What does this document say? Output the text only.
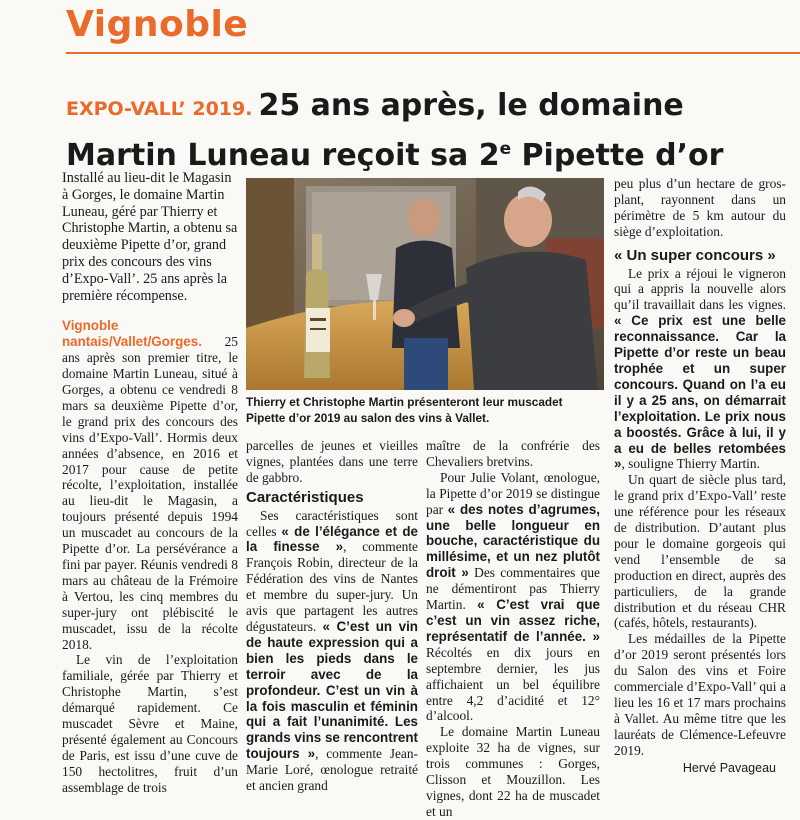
Vignoble
EXPO-VALL’ 2019. 25 ans après, le domaine
Martin Luneau reçoit sa 2e Pipette d’or

Installé au lieu-dit le Magasin à Gorges, le domaine Martin Luneau, géré par Thierry et Christophe Martin, a obtenu sa deuxième Pipette d’or, grand prix des concours des vins d’Expo-Vall’. 25 ans après la première récompense.

Vignoble nantais/Vallet/Gorges. 25 ans après son premier titre, le domaine Martin Luneau, situé à Gorges, a obtenu ce vendredi 8 mars sa deuxième Pipette d’or, le grand prix des concours des vins d’Expo-Vall’. Hormis deux années d’absence, en 2016 et 2017 pour cause de petite récolte, l’exploitation, installée au lieu-dit le Magasin, a toujours présenté depuis 1994 un muscadet au concours de la Pipette d’or. La persévérance a fini par payer. Réunis vendredi 8 mars au château de la Frémoire à Vertou, les cinq membres du super-jury ont plébiscité le muscadet, issu de la récolte 2018.

Le vin de l’exploitation familiale, gérée par Thierry et Christophe Martin, s’est démarqué rapidement. Ce muscadet Sèvre et Maine, présenté également au Concours de Paris, est issu d’une cuve de 150 hectolitres, fruit d’un assemblage de trois

Thierry et Christophe Martin présenteront leur muscadet Pipette d’or 2019 au salon des vins à Vallet.

parcelles de jeunes et vieilles vignes, plantées dans une terre de gabbro.

Caractéristiques

Ses caractéristiques sont celles « de l’élégance et de la finesse », commente François Robin, directeur de la Fédération des vins de Nantes et membre du super-jury. Un avis que partagent les autres dégustateurs. « C’est un vin de haute expression qui a bien les pieds dans le terroir avec de la profondeur. C’est un vin à la fois masculin et féminin qui a fait l’unanimité. Les grands vins se rencontrent toujours », commente Jean-Marie Loré, œnologue retraité et ancien grand

maître de la confrérie des Chevaliers bretvins.

Pour Julie Volant, œnologue, la Pipette d’or 2019 se distingue par « des notes d’agrumes, une belle longueur en bouche, caractéristique du millésime, et un nez plutôt droit » Des commentaires que ne démentiront pas Thierry Martin. « C’est vrai que c’est un vin assez riche, représentatif de l’année. » Récoltés en dix jours en septembre dernier, les jus affichaient un bel équilibre entre 4,2 d’acidité et 12° d’alcool.

Le domaine Martin Luneau exploite 32 ha de vignes, sur trois communes : Gorges, Clisson et Mouzillon. Les vignes, dont 22 ha de muscadet et un

peu plus d’un hectare de gros-plant, rayonnent dans un périmètre de 5 km autour du siège d’exploitation.

« Un super concours »

Le prix a réjoui le vigneron qui a appris la nouvelle alors qu’il travaillait dans les vignes. « Ce prix est une belle reconnaissance. Car la Pipette d’or reste un beau trophée et un super concours. Quand on l’a eu il y a 25 ans, on démarrait l’exploitation. Le prix nous a boostés. Grâce à lui, il y a eu de belles retombées », souligne Thierry Martin.

Un quart de siècle plus tard, le grand prix d’Expo-Vall’ reste une référence pour les réseaux de distribution. D’autant plus pour le domaine gorgeois qui vend l’ensemble de sa production en direct, auprès des particuliers, de la grande distribution et du réseau CHR (cafés, hôtels, restaurants).

Les médailles de la Pipette d’or 2019 seront présentés lors du Salon des vins et Foire commerciale d’Expo-Vall’ qui a lieu les 16 et 17 mars prochains à Vallet. Au même titre que les lauréats de Clémence-Lefeuvre 2019.

Hervé Pavageau
